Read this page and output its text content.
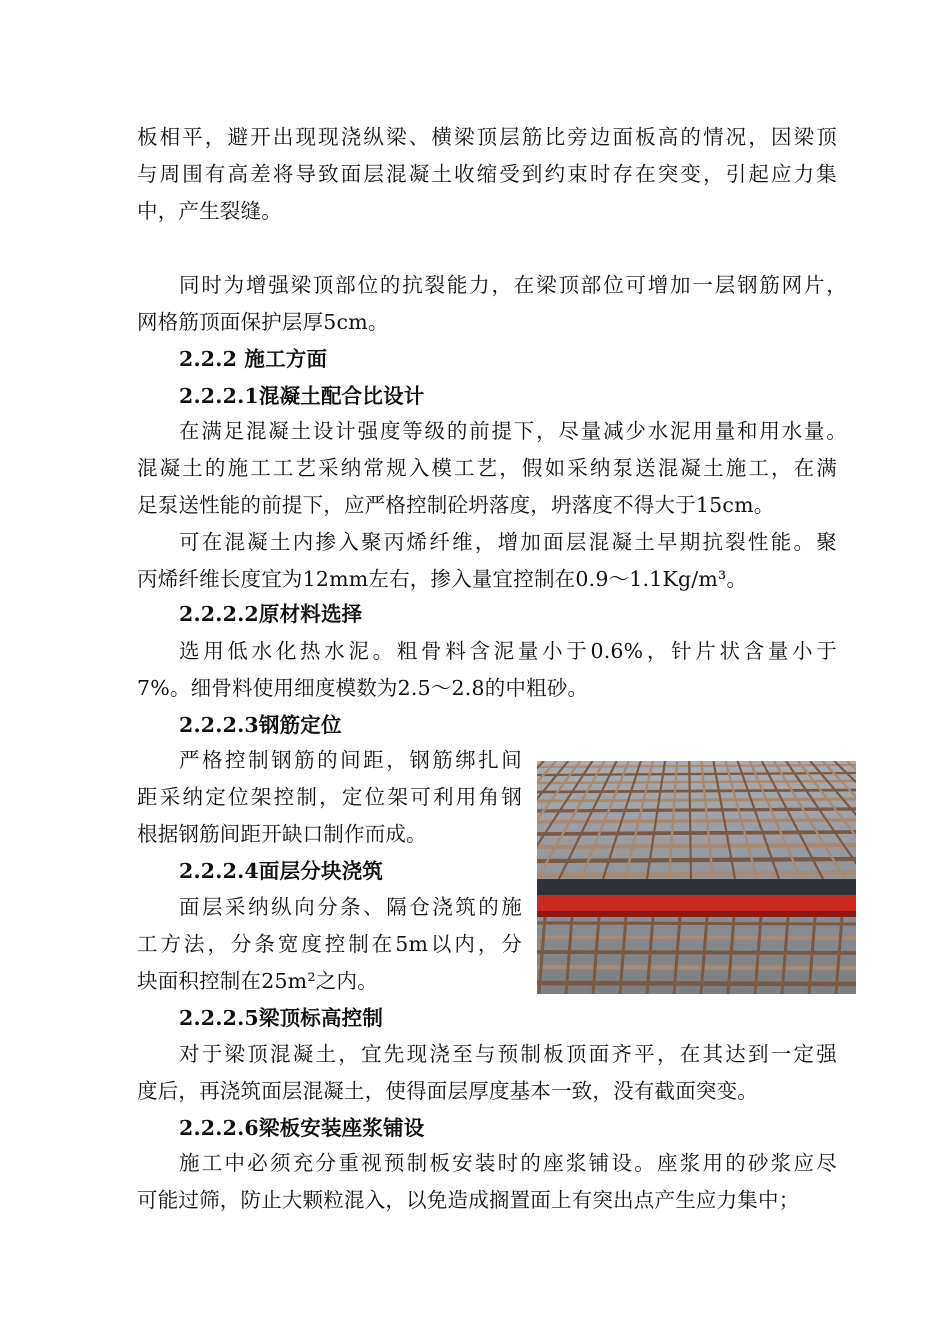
板相平，避开出现现浇纵梁、横梁顶层筋比旁边面板高的情况，因梁顶
与周围有高差将导致面层混凝土收缩受到约束时存在突变，引起应力集
中，产生裂缝。
同时为增强梁顶部位的抗裂能力，在梁顶部位可增加一层钢筋网片，
网格筋顶面保护层厚5cm。
2.2.2 施工方面
2.2.2.1混凝土配合比设计
在满足混凝土设计强度等级的前提下，尽量减少水泥用量和用水量。
混凝土的施工工艺采纳常规入模工艺，假如采纳泵送混凝土施工，在满
足泵送性能的前提下，应严格控制砼坍落度，坍落度不得大于15cm。
可在混凝土内掺入聚丙烯纤维，增加面层混凝土早期抗裂性能。聚
丙烯纤维长度宜为12mm左右，掺入量宜控制在0.9～1.1Kg/m³。
2.2.2.2原材料选择
选用低水化热水泥。粗骨料含泥量小于0.6%，针片状含量小于
7%。细骨料使用细度模数为2.5～2.8的中粗砂。
2.2.2.3钢筋定位
严格控制钢筋的间距，钢筋绑扎间
距采纳定位架控制，定位架可利用角钢
根据钢筋间距开缺口制作而成。
2.2.2.4面层分块浇筑
面层采纳纵向分条、隔仓浇筑的施
工方法，分条宽度控制在5m以内，分
块面积控制在25m²之内。
2.2.2.5梁顶标高控制
对于梁顶混凝土，宜先现浇至与预制板顶面齐平，在其达到一定强
度后，再浇筑面层混凝土，使得面层厚度基本一致，没有截面突变。
2.2.2.6梁板安装座浆铺设
施工中必须充分重视预制板安装时的座浆铺设。座浆用的砂浆应尽
可能过筛，防止大颗粒混入，以免造成搁置面上有突出点产生应力集中；
